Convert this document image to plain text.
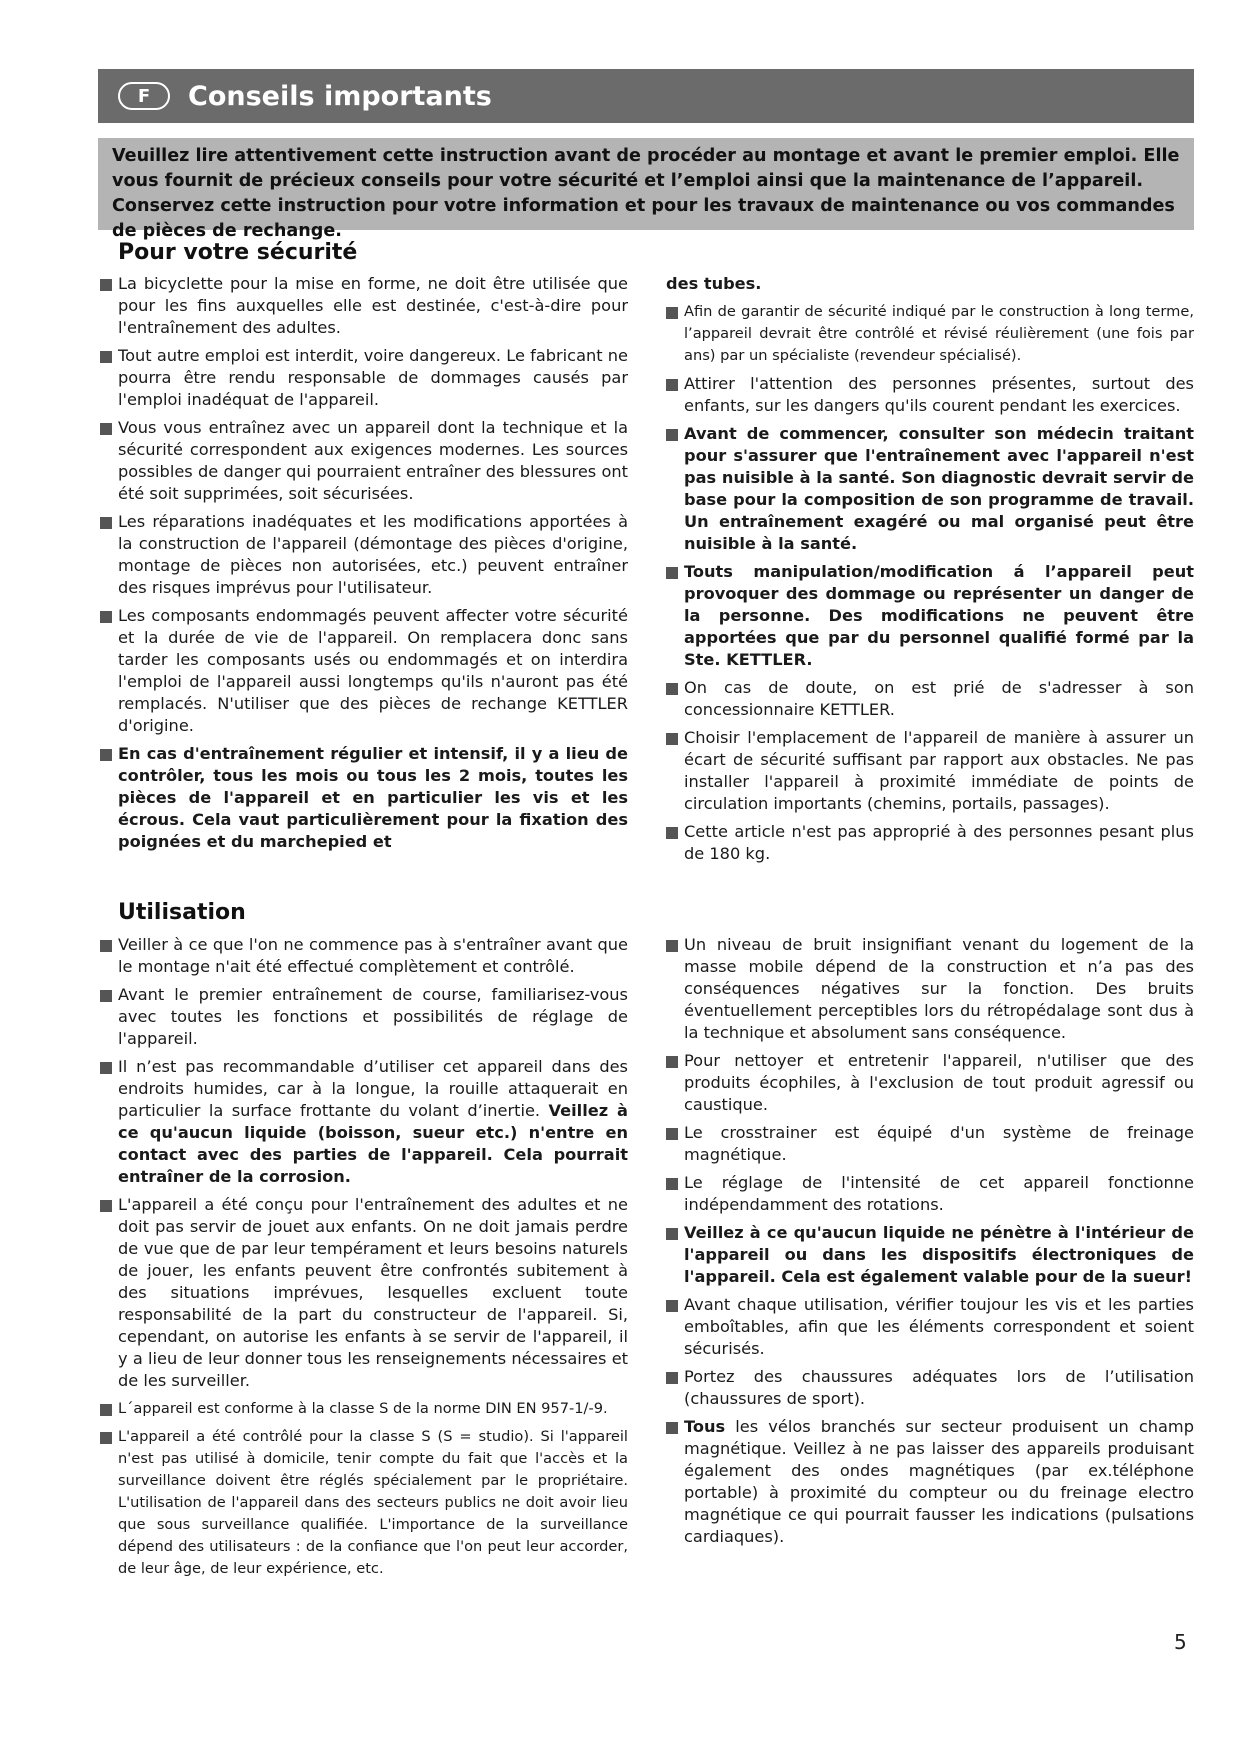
F	Conseils importants
Veuillez lire attentivement cette instruction avant de procéder au montage et avant le premier emploi. Elle vous fournit de précieux conseils pour votre sécurité et l’emploi ainsi que la maintenance de l’appareil. Conservez cette instruction pour votre information et pour les travaux de maintenance ou vos commandes de pièces de rechange.
Pour votre sécurité
La bicyclette pour la mise en forme, ne doit être utilisée que pour les fins auxquelles elle est destinée, c'est-à-dire pour l'entraînement des adultes.
Tout autre emploi est interdit, voire dangereux. Le fabricant ne pourra être rendu responsable de dommages causés par l'emploi inadéquat de l'appareil.
Vous vous entraînez avec un appareil dont la technique et la sécurité correspondent aux exigences modernes. Les sources possibles de danger qui pourraient entraîner des blessures ont été soit supprimées, soit sécurisées.
Les réparations inadéquates et les modifications apportées à la construction de l'appareil (démontage des pièces d'origine, montage de pièces non autorisées, etc.) peuvent entraîner des risques imprévus pour l'utilisateur.
Les composants endommagés peuvent affecter votre sécurité et la durée de vie de l'appareil. On remplacera donc sans tarder les composants usés ou endommagés et on interdira l'emploi de l'appareil aussi longtemps qu'ils n'auront pas été remplacés. N'utiliser que des pièces de rechange KETTLER d'origine.
En cas d'entraînement régulier et intensif, il y a lieu de contrôler, tous les mois ou tous les 2 mois, toutes les pièces de l'appareil et en particulier les vis et les écrous. Cela vaut particulièrement pour la fixation des poignées et du marchepied et
des tubes.
Afin de garantir de sécurité indiqué par le construction à long terme, l’appareil devrait être contrôlé et révisé réulièrement (une fois par ans) par un spécialiste (revendeur spécialisé).
Attirer l'attention des personnes présentes, surtout des enfants, sur les dangers qu'ils courent pendant les exercices.
Avant de commencer, consulter son médecin traitant pour s'assurer que l'entraînement avec l'appareil n'est pas nuisible à la santé. Son diagnostic devrait servir de base pour la composition de son programme de travail. Un entraînement exagéré ou mal organisé peut être nuisible à la santé.
Touts manipulation/modification á l’appareil peut provoquer des dommage ou représenter un danger de la personne. Des modifications ne peuvent être apportées que par du personnel qualifié formé par la Ste. KETTLER.
On cas de doute, on est prié de s'adresser à son concessionnaire KETTLER.
Choisir l'emplacement de l'appareil de manière à assurer un écart de sécurité suffisant par rapport aux obstacles. Ne pas installer l'appareil à proximité immédiate de points de circulation importants (chemins, portails, passages).
Cette article n'est pas approprié à des personnes pesant plus de 180 kg.
Utilisation
Veiller à ce que l'on ne commence pas à s'entraîner avant que le montage n'ait été effectué complètement et contrôlé.
Avant le premier entraînement de course, familiarisez-vous avec toutes les fonctions et possibilités de réglage de l'appareil.
Il n’est pas recommandable d’utiliser cet appareil dans des endroits humides, car à la longue, la rouille attaquerait en particulier la surface frottante du volant d’inertie. Veillez à ce qu'aucun liquide (boisson, sueur etc.) n'entre en contact avec des parties de l'appareil. Cela pourrait entraîner de la corrosion.
L'appareil a été conçu pour l'entraînement des adultes et ne doit pas servir de jouet aux enfants. On ne doit jamais perdre de vue que de par leur tempérament et leurs besoins naturels de jouer, les enfants peuvent être confrontés subitement à des situations imprévues, lesquelles excluent toute responsabilité de la part du constructeur de l'appareil. Si, cependant, on autorise les enfants à se servir de l'appareil, il y a lieu de leur donner tous les renseignements nécessaires et de les surveiller.
L´appareil est conforme à la classe S de la norme DIN EN 957-1/-9.
L'appareil a été contrôlé pour la classe S (S = studio). Si l'appareil n'est pas utilisé à domicile, tenir compte du fait que l'accès et la surveillance doivent être réglés spécialement par le propriétaire. L'utilisation de l'appareil dans des secteurs publics ne doit avoir lieu que sous surveillance qualifiée. L'importance de la surveillance dépend des utilisateurs : de la confiance que l'on peut leur accorder, de leur âge, de leur expérience, etc.
Un niveau de bruit insignifiant venant du logement de la masse mobile dépend de la construction et n’a pas des conséquences négatives sur la fonction. Des bruits éventuellement perceptibles lors du rétropédalage sont dus à la technique et absolument sans conséquence.
Pour nettoyer et entretenir l'appareil, n'utiliser que des produits écophiles, à l'exclusion de tout produit agressif ou caustique.
Le crosstrainer est équipé d'un système de freinage magnétique.
Le réglage de l'intensité de cet appareil fonctionne indépendamment des rotations.
Veillez à ce qu'aucun liquide ne pénètre à l'intérieur de l'appareil ou dans les dispositifs électroniques de l'appareil. Cela est également valable pour de la sueur!
Avant chaque utilisation, vérifier toujour les vis et les parties emboîtables, afin que les éléments correspondent et soient sécurisés.
Portez des chaussures adéquates lors de l’utilisation (chaussures de sport).
Tous les vélos branchés sur secteur produisent un champ magnétique. Veillez à ne pas laisser des appareils produisant également des ondes magnétiques (par ex.téléphone portable) à proximité du compteur ou du freinage electro magnétique ce qui pourrait fausser les indications (pulsations cardiaques).
5
